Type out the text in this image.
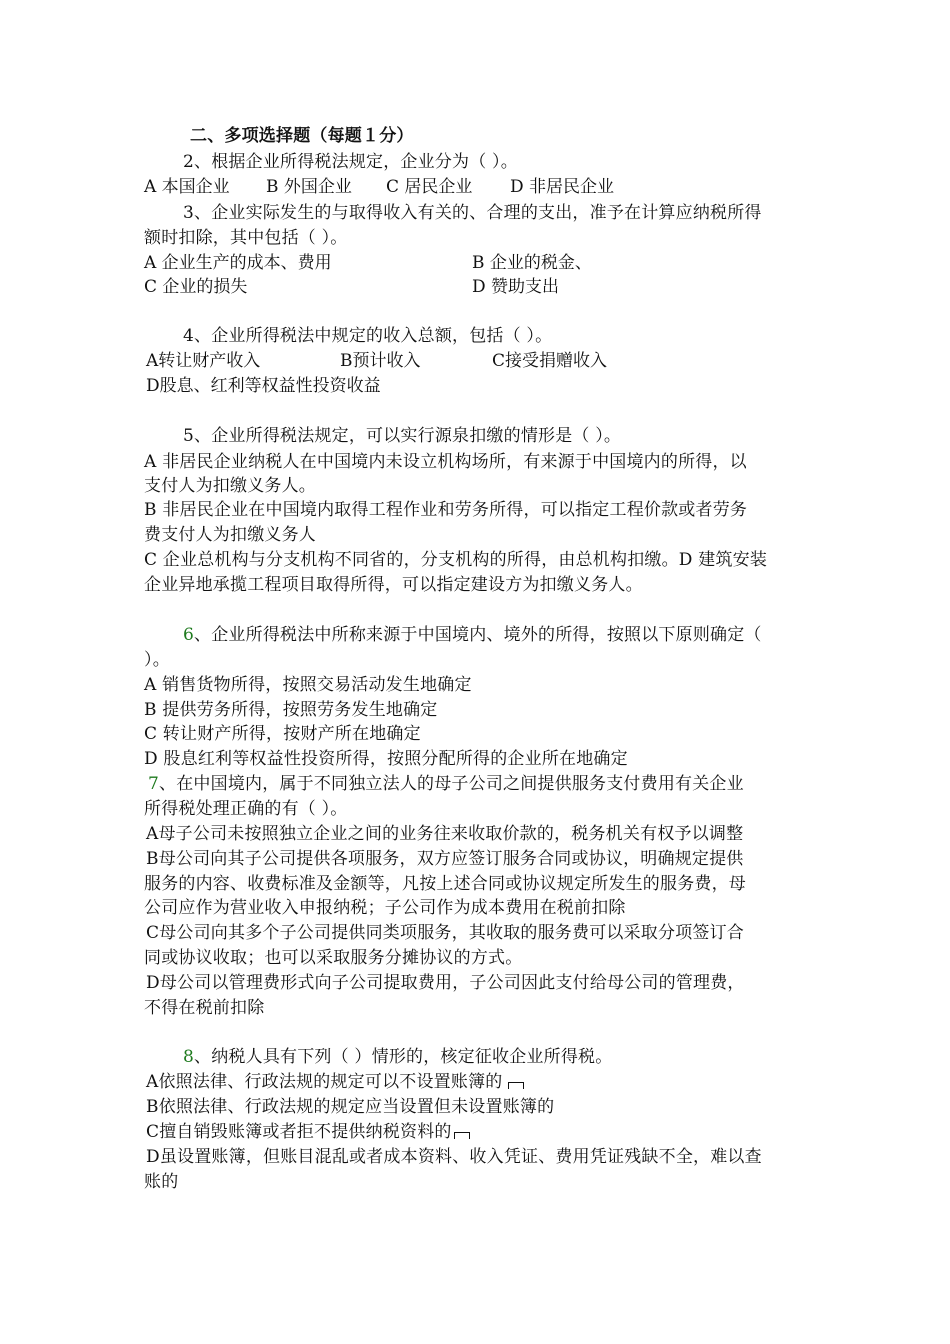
二、多项选择题（每题１分）
2、根据企业所得税法规定，企业分为（ ）。
A 本国企业 B 外国企业 C 居民企业 D 非居民企业
3、企业实际发生的与取得收入有关的、合理的支出，准予在计算应纳税所得
额时扣除，其中包括（ ）。
A 企业生产的成本、费用	B 企业的税金、
C 企业的损失	D 赞助支出
4、企业所得税法中规定的收入总额，包括（ ）。
A转让财产收入	B预计收入	C接受捐赠收入
D股息、红利等权益性投资收益
5、企业所得税法规定，可以实行源泉扣缴的情形是（ ）。
A 非居民企业纳税人在中国境内未设立机构场所，有来源于中国境内的所得，以
支付人为扣缴义务人。
B 非居民企业在中国境内取得工程作业和劳务所得，可以指定工程价款或者劳务
费支付人为扣缴义务人
C 企业总机构与分支机构不同省的，分支机构的所得，由总机构扣缴。D 建筑安装
企业异地承揽工程项目取得所得，可以指定建设方为扣缴义务人。
6、企业所得税法中所称来源于中国境内、境外的所得，按照以下原则确定（
）。
A 销售货物所得，按照交易活动发生地确定
B 提供劳务所得，按照劳务发生地确定
C 转让财产所得，按财产所在地确定
D 股息红利等权益性投资所得，按照分配所得的企业所在地确定
7、在中国境内，属于不同独立法人的母子公司之间提供服务支付费用有关企业
所得税处理正确的有（ ）。
A母子公司未按照独立企业之间的业务往来收取价款的，税务机关有权予以调整
B母公司向其子公司提供各项服务，双方应签订服务合同或协议，明确规定提供
服务的内容、收费标准及金额等，凡按上述合同或协议规定所发生的服务费，母
公司应作为营业收入申报纳税；子公司作为成本费用在税前扣除
C母公司向其多个子公司提供同类项服务，其收取的服务费可以采取分项签订合
同或协议收取；也可以采取服务分摊协议的方式。
D母公司以管理费形式向子公司提取费用，子公司因此支付给母公司的管理费，
不得在税前扣除
8、纳税人具有下列（ ）情形的，核定征收企业所得税。
A依照法律、行政法规的规定可以不设置账簿的
B依照法律、行政法规的规定应当设置但未设置账簿的
C擅自销毁账簿或者拒不提供纳税资料的
D虽设置账簿，但账目混乱或者成本资料、收入凭证、费用凭证残缺不全，难以查
账的
